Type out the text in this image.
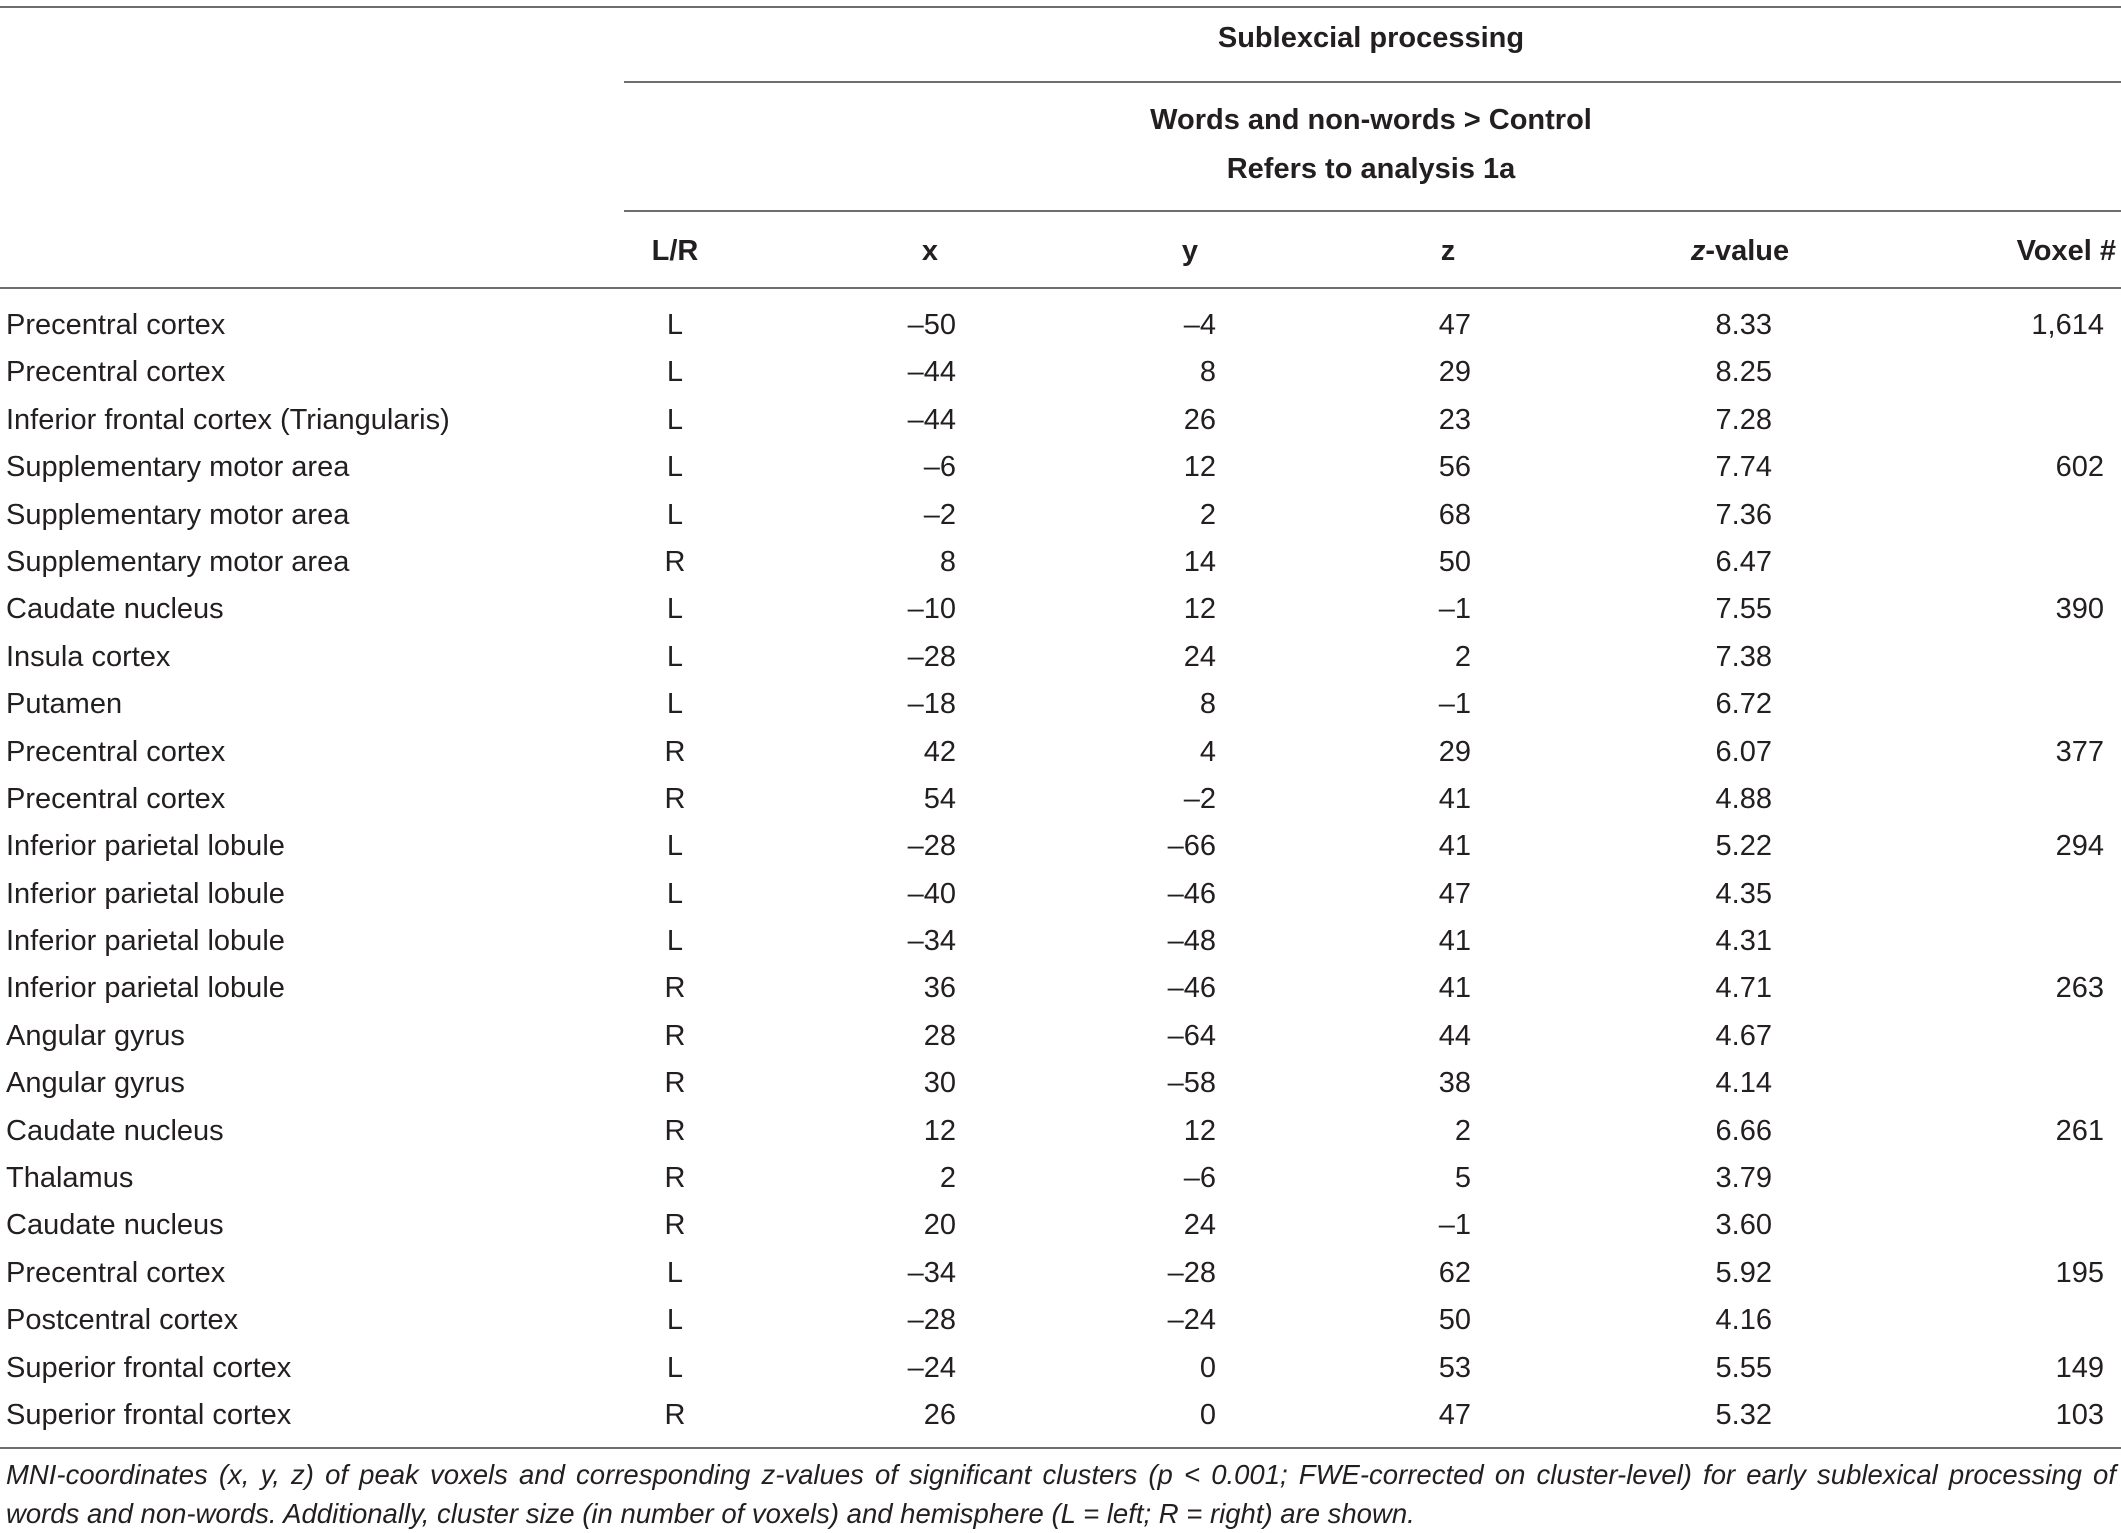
Sublexcial processing
Words and non-words > Control
Refers to analysis 1a
L/R	x	y	z	z-value	Voxel #
Precentral cortex	L	–50	–4	47	8.33	1,614
Precentral cortex	L	–44	8	29	8.25
Inferior frontal cortex (Triangularis)	L	–44	26	23	7.28
Supplementary motor area	L	–6	12	56	7.74	602
Supplementary motor area	L	–2	2	68	7.36
Supplementary motor area	R	8	14	50	6.47
Caudate nucleus	L	–10	12	–1	7.55	390
Insula cortex	L	–28	24	2	7.38
Putamen	L	–18	8	–1	6.72
Precentral cortex	R	42	4	29	6.07	377
Precentral cortex	R	54	–2	41	4.88
Inferior parietal lobule	L	–28	–66	41	5.22	294
Inferior parietal lobule	L	–40	–46	47	4.35
Inferior parietal lobule	L	–34	–48	41	4.31
Inferior parietal lobule	R	36	–46	41	4.71	263
Angular gyrus	R	28	–64	44	4.67
Angular gyrus	R	30	–58	38	4.14
Caudate nucleus	R	12	12	2	6.66	261
Thalamus	R	2	–6	5	3.79
Caudate nucleus	R	20	24	–1	3.60
Precentral cortex	L	–34	–28	62	5.92	195
Postcentral cortex	L	–28	–24	50	4.16
Superior frontal cortex	L	–24	0	53	5.55	149
Superior frontal cortex	R	26	0	47	5.32	103
MNI-coordinates (x, y, z) of peak voxels and corresponding z-values of significant clusters (p < 0.001; FWE-corrected on cluster-level) for early sublexical processing of words and non-words. Additionally, cluster size (in number of voxels) and hemisphere (L = left; R = right) are shown.
